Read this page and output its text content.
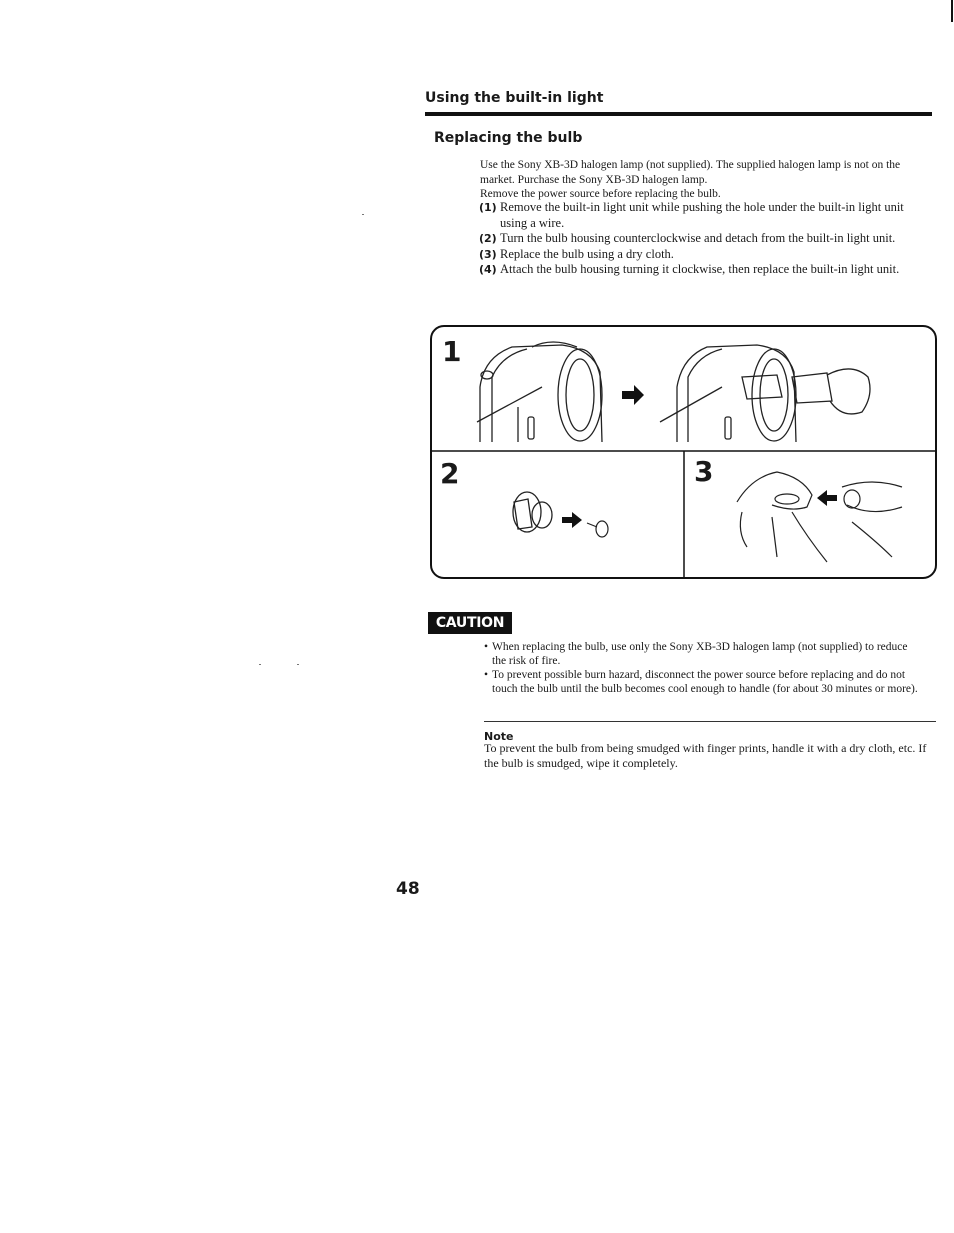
Using the built-in light
Replacing the bulb
Use the Sony XB-3D halogen lamp (not supplied). The supplied halogen lamp is not on the market. Purchase the Sony XB-3D halogen lamp.
Remove the power source before replacing the bulb.
(1) Remove the built-in light unit while pushing the hole under the built-in light unit using a wire.
(2) Turn the bulb housing counterclockwise and detach from the built-in light unit.
(3) Replace the bulb using a dry cloth.
(4) Attach the bulb housing turning it clockwise, then replace the built-in light unit.
1
2	3
CAUTION
• When replacing the bulb, use only the Sony XB-3D halogen lamp (not supplied) to reduce the risk of fire.
• To prevent possible burn hazard, disconnect the power source before replacing and do not touch the bulb until the bulb becomes cool enough to handle (for about 30 minutes or more).
Note
To prevent the bulb from being smudged with finger prints, handle it with a dry cloth, etc. If the bulb is smudged, wipe it completely.
48
